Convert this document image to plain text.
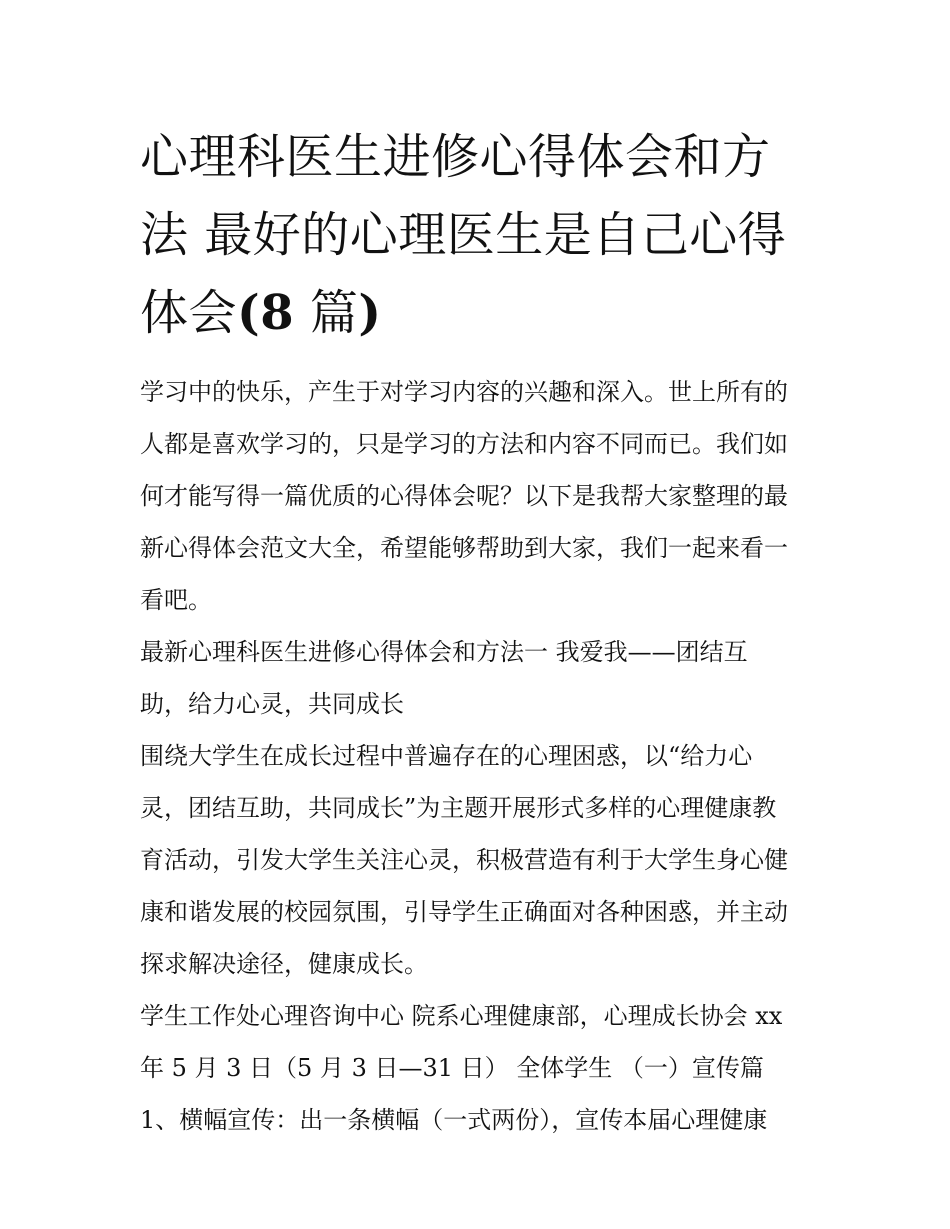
心理科医生进修心得体会和方
法 最好的心理医生是自己心得
体会(8 篇)

学习中的快乐，产生于对学习内容的兴趣和深入。世上所有的
人都是喜欢学习的，只是学习的方法和内容不同而已。我们如
何才能写得一篇优质的心得体会呢？以下是我帮大家整理的最
新心得体会范文大全，希望能够帮助到大家，我们一起来看一
看吧。

最新心理科医生进修心得体会和方法一 我爱我——团结互
助，给力心灵，共同成长

围绕大学生在成长过程中普遍存在的心理困惑，以“给力心
灵，团结互助，共同成长”为主题开展形式多样的心理健康教
育活动，引发大学生关注心灵，积极营造有利于大学生身心健
康和谐发展的校园氛围，引导学生正确面对各种困惑，并主动
探求解决途径，健康成长。

学生工作处心理咨询中心 院系心理健康部，心理成长协会 xx
年 5 月 3 日（5 月 3 日—31 日） 全体学生 （一）宣传篇

1、横幅宣传：出一条横幅（一式两份），宣传本届心理健康
